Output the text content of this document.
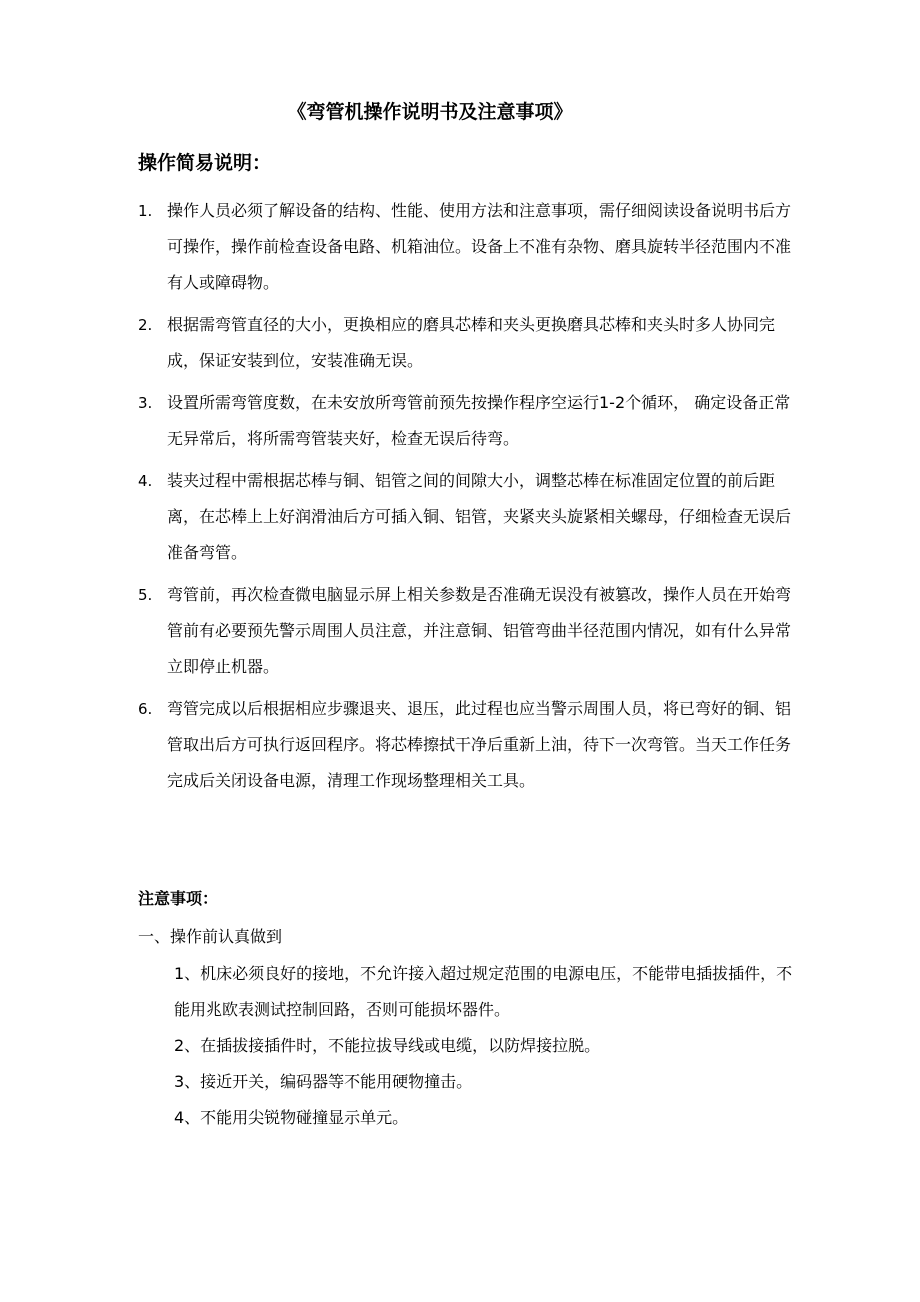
《弯管机操作说明书及注意事项》
操作简易说明：
1. 操作人员必须了解设备的结构、性能、使用方法和注意事项，需仔细阅读设备说明书后方可操作，操作前检查设备电路、机箱油位。设备上不准有杂物、磨具旋转半径范围内不准有人或障碍物。
2. 根据需弯管直径的大小，更换相应的磨具芯棒和夹头更换磨具芯棒和夹头时多人协同完成，保证安装到位，安装准确无误。
3. 设置所需弯管度数，在未安放所弯管前预先按操作程序空运行1-2个循环， 确定设备正常无异常后，将所需弯管装夹好，检查无误后待弯。
4. 装夹过程中需根据芯棒与铜、铝管之间的间隙大小，调整芯棒在标准固定位置的前后距离，在芯棒上上好润滑油后方可插入铜、铝管，夹紧夹头旋紧相关螺母，仔细检查无误后准备弯管。
5. 弯管前，再次检查微电脑显示屏上相关参数是否准确无误没有被篡改，操作人员在开始弯管前有必要预先警示周围人员注意，并注意铜、铝管弯曲半径范围内情况，如有什么异常立即停止机器。
6. 弯管完成以后根据相应步骤退夹、退压，此过程也应当警示周围人员，将已弯好的铜、铝管取出后方可执行返回程序。将芯棒擦拭干净后重新上油，待下一次弯管。当天工作任务完成后关闭设备电源，清理工作现场整理相关工具。
注意事项：
一、操作前认真做到
1、机床必须良好的接地，不允许接入超过规定范围的电源电压，不能带电插拔插件，不能用兆欧表测试控制回路，否则可能损坏器件。
2、在插拔接插件时，不能拉拔导线或电缆，以防焊接拉脱。
3、接近开关，编码器等不能用硬物撞击。
4、不能用尖锐物碰撞显示单元。
